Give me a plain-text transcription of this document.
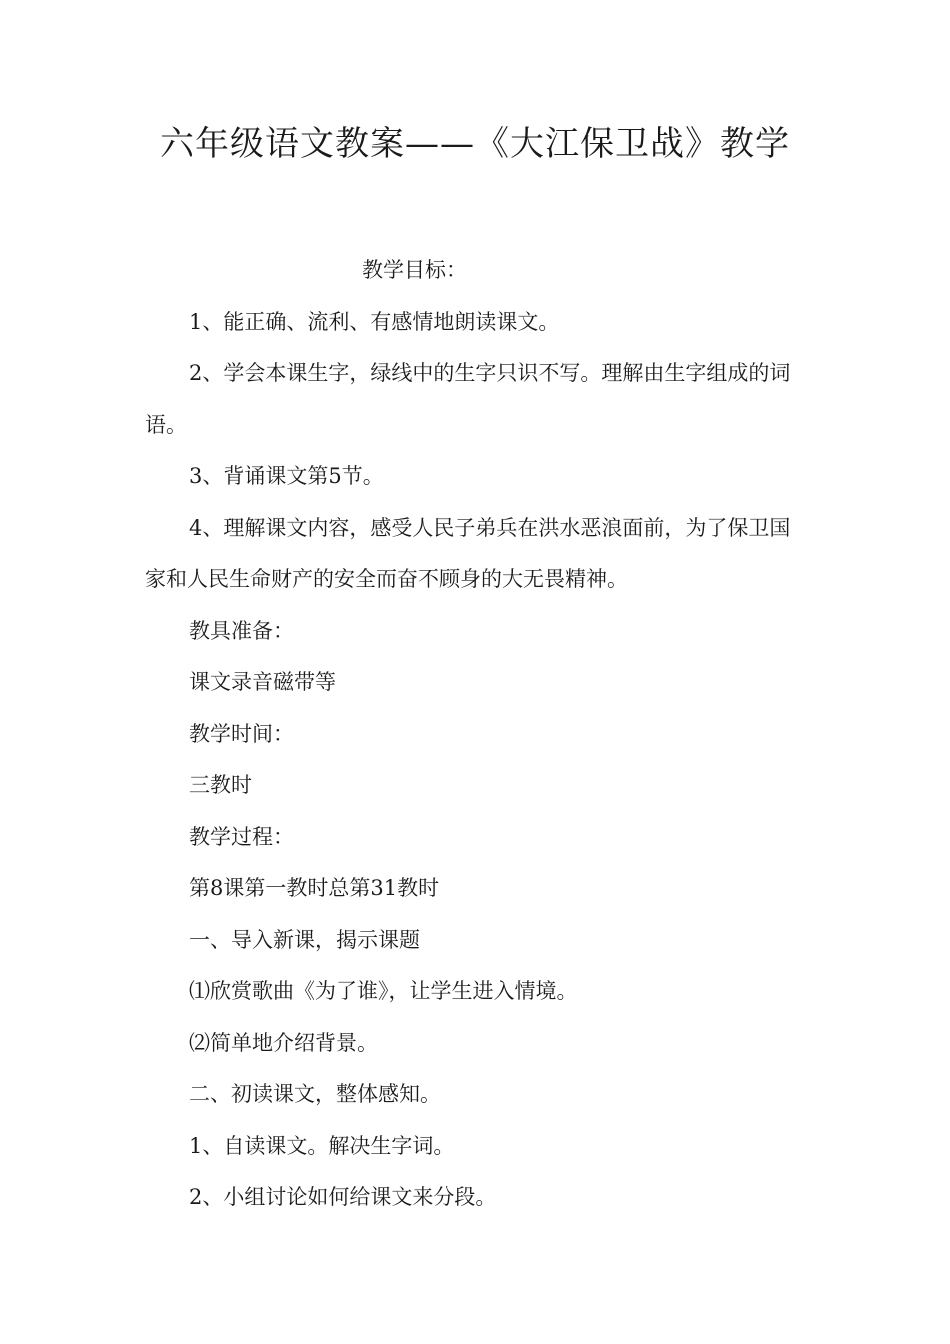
六年级语文教案——《大江保卫战》教学

教学目标：

1、能正确、流利、有感情地朗读课文。

2、学会本课生字，绿线中的生字只识不写。理解由生字组成的词语。

3、背诵课文第5节。

4、理解课文内容，感受人民子弟兵在洪水恶浪面前，为了保卫国家和人民生命财产的安全而奋不顾身的大无畏精神。

教具准备：

课文录音磁带等

教学时间：

三教时

教学过程：

第8课第一教时总第31教时

一、导入新课，揭示课题

⑴欣赏歌曲《为了谁》，让学生进入情境。

⑵简单地介绍背景。

二、初读课文，整体感知。

1、自读课文。解决生字词。

2、小组讨论如何给课文来分段。
